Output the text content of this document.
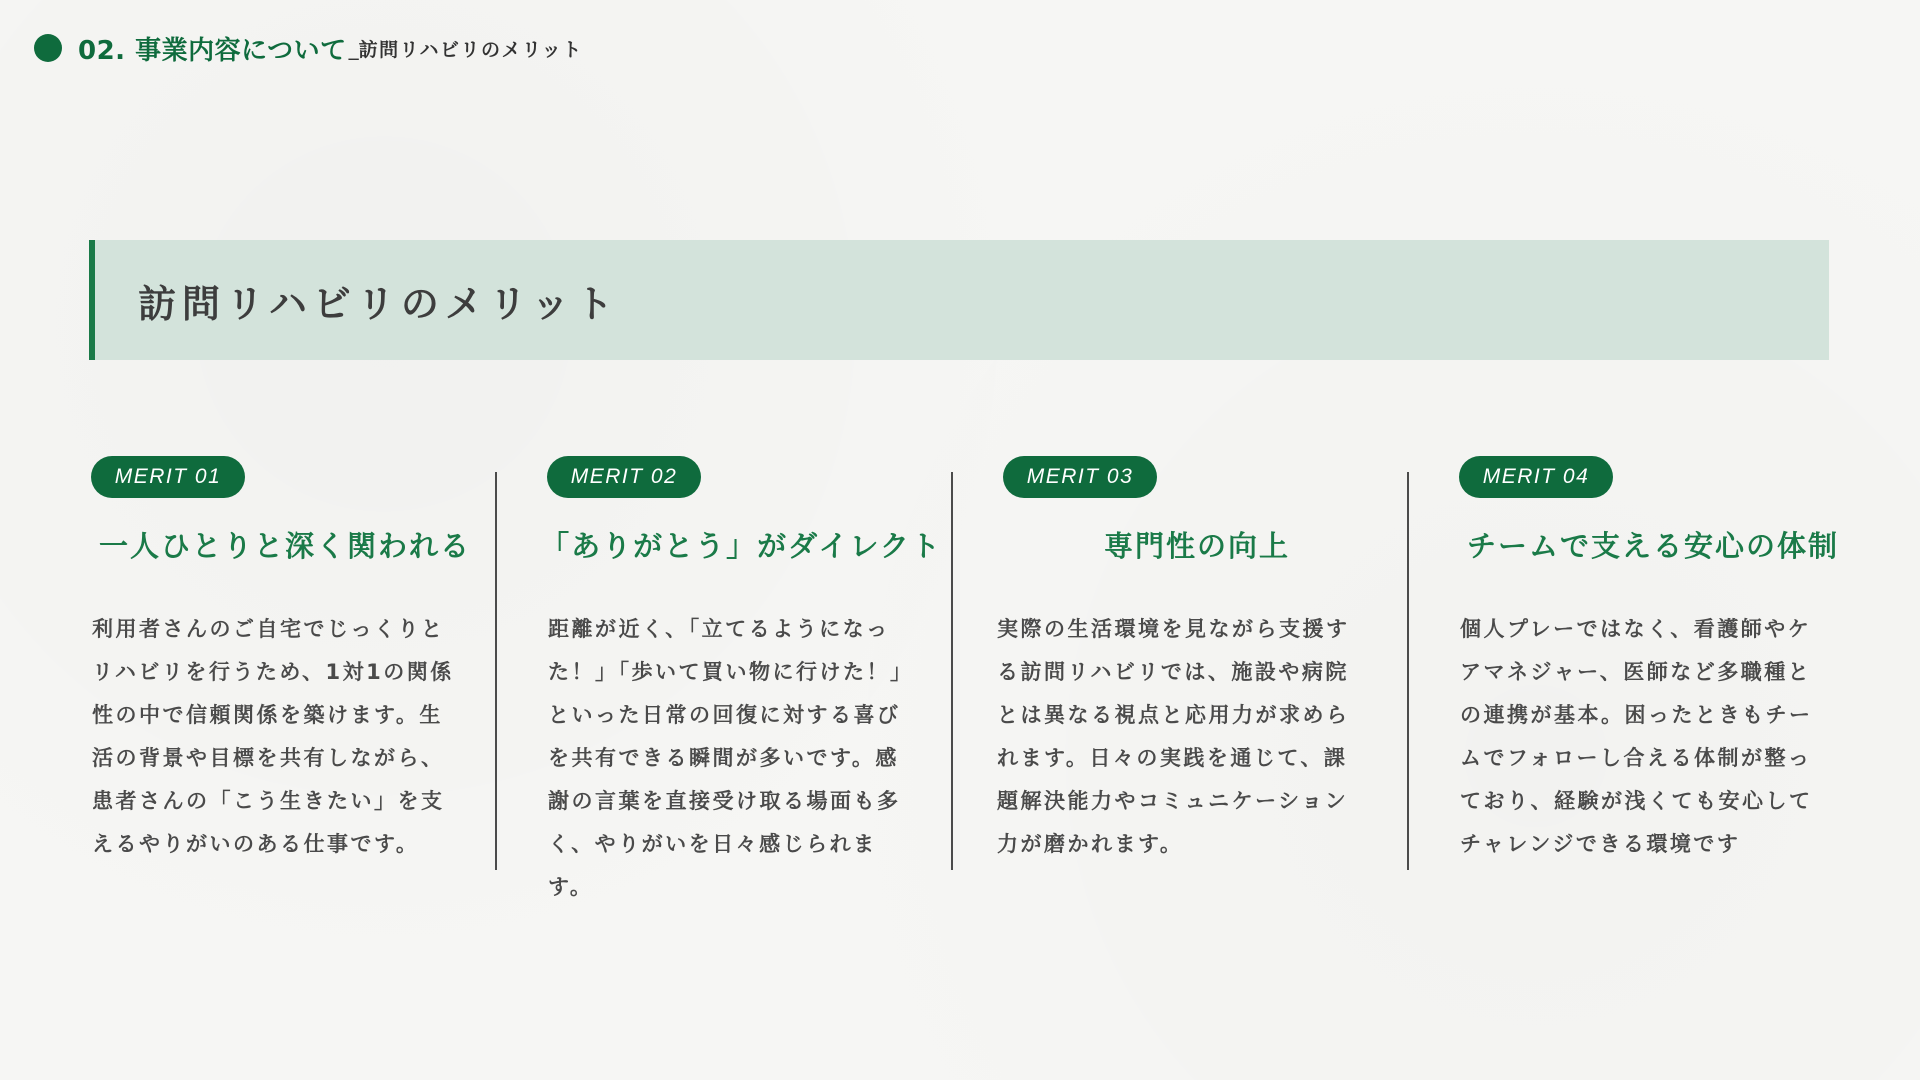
02. 事業内容について _ 訪問リハビリのメリット
訪問リハビリのメリット
MERIT 01
一人ひとりと深く関われる
利用者さんのご自宅でじっくりとリハビリを行うため、1対1の関係性の中で信頼関係を築けます。生活の背景や目標を共有しながら、患者さんの「こう生きたい」を支えるやりがいのある仕事です。
MERIT 02
「ありがとう」がダイレクト
距離が近く、「立てるようになった！」「歩いて買い物に行けた！」といった日常の回復に対する喜びを共有できる瞬間が多いです。感謝の言葉を直接受け取る場面も多く、やりがいを日々感じられます。
MERIT 03
専門性の向上
実際の生活環境を見ながら支援する訪問リハビリでは、施設や病院とは異なる視点と応用力が求められます。日々の実践を通じて、課題解決能力やコミュニケーション力が磨かれます。
MERIT 04
チームで支える安心の体制
個人プレーではなく、看護師やケアマネジャー、医師など多職種との連携が基本。困ったときもチームでフォローし合える体制が整っており、経験が浅くても安心してチャレンジできる環境です
